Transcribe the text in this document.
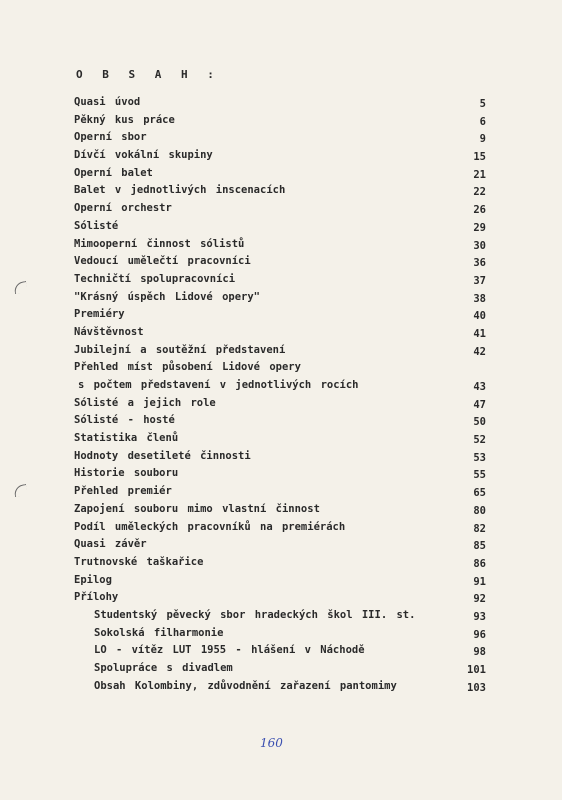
O B S A H :
Quasi úvod	5
Pěkný kus práce	6
Operní sbor	9
Dívčí vokální skupiny	15
Operní balet	21
Balet v jednotlivých inscenacích	22
Operní orchestr	26
Sólisté	29
Mimooperní činnost sólistů	30
Vedoucí umělečtí pracovníci	36
Techničtí spolupracovníci	37
"Krásný úspěch Lidové opery"	38
Premiéry	40
Návštěvnost	41
Jubilejní a soutěžní představení	42
Přehled míst působení Lidové opery
s počtem představení v jednotlivých rocích	43
Sólisté a jejich role	47
Sólisté - hosté	50
Statistika členů	52
Hodnoty desetileté činnosti	53
Historie souboru	55
Přehled premiér	65
Zapojení souboru mimo vlastní činnost	80
Podíl uměleckých pracovníků na premiérách	82
Quasi závěr	85
Trutnovské taškařice	86
Epilog	91
Přílohy	92
Studentský pěvecký sbor hradeckých škol III. st.	93
Sokolská filharmonie	96
LO - vítěz LUT 1955 - hlášení v Náchodě	98
Spolupráce s divadlem	101
Obsah Kolombiny, zdůvodnění zařazení pantomimy	103
160
